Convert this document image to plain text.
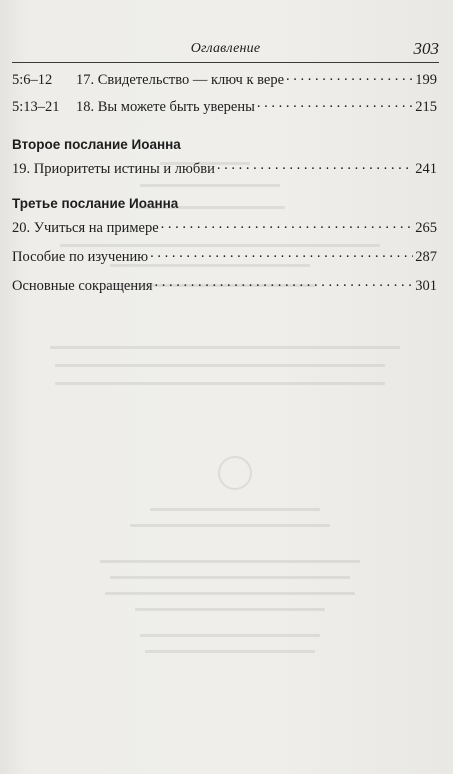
Оглавление	303
5:6–12	17. Свидетельство — ключ к вере . . .	199
5:13–21	18. Вы можете быть уверены . . .	215
Второе послание Иоанна
19. Приоритеты истины и любви . . .	241
Третье послание Иоанна
20. Учиться на примере . . .	265
Пособие по изучению . . .	287
Основные сокращения . . .	301
